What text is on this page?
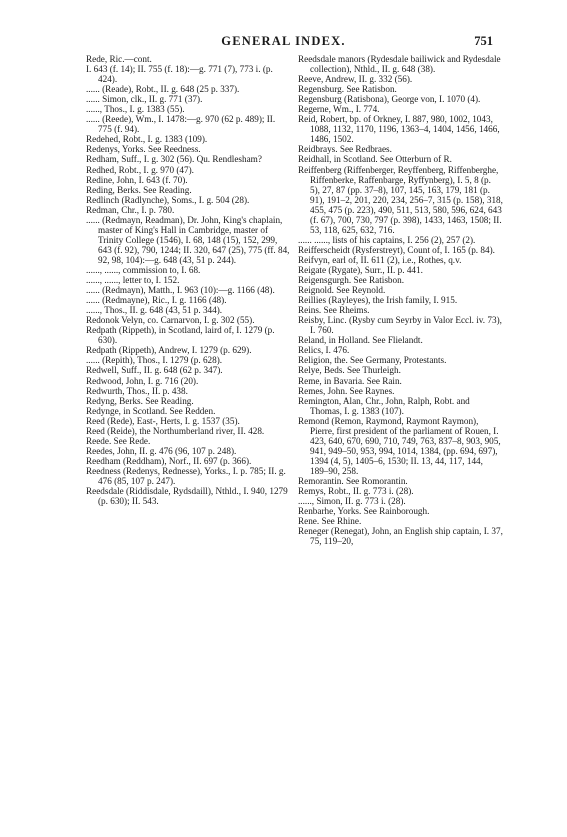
GENERAL INDEX.	751

Rede, Ric.—cont.

I. 643 (f. 14); II. 755 (f. 18):—g. 771 (7), 773 i. (p. 424).

...... (Reade), Robt., II. g. 648 (25 p. 337).

...... Simon, clk., II. g. 771 (37).

......, Thos., I. g. 1383 (55).

...... (Reede), Wm., I. 1478:—g. 970 (62 p. 489); II. 775 (f. 94).

Redehed, Robt., I. g. 1383 (109).

Redenys, Yorks. See Reedness.

Redham, Suff., I. g. 302 (56). Qu. Rendlesham?

Redhed, Robt., I. g. 970 (47).

Redine, John, I. 643 (f. 70).

Reding, Berks. See Reading.

Redlinch (Radlynche), Soms., I. g. 504 (28).

Redman, Chr., I. p. 780.

...... (Redmayn, Readman), Dr. John, King's chaplain, master of King's Hall in Cambridge, master of Trinity College (1546), I. 68, 148 (15), 152, 299, 643 (f. 92), 790, 1244; II. 320, 647 (25), 775 (ff. 84, 92, 98, 104):—g. 648 (43, 51 p. 244).

......, ......, commission to, I. 68.

......, ......, letter to, I. 152.

...... (Redmayn), Matth., I. 963 (10):—g. 1166 (48).

...... (Redmayne), Ric., I. g. 1166 (48).

......, Thos., II. g. 648 (43, 51 p. 344).

Redonok Velyn, co. Carnarvon, I. g. 302 (55).

Redpath (Rippeth), in Scotland, laird of, I. 1279 (p. 630).

Redpath (Rippeth), Andrew, I. 1279 (p. 629).

...... (Repith), Thos., I. 1279 (p. 628).

Redwell, Suff., II. g. 648 (62 p. 347).

Redwood, John, I. g. 716 (20).

Redwurth, Thos., II. p. 438.

Redyng, Berks. See Reading.

Redynge, in Scotland. See Redden.

Reed (Rede), East-, Herts, I. g. 1537 (35).

Reed (Reide), the Northumberland river, II. 428.

Reede. See Rede.

Reedes, John, II. g. 476 (96, 107 p. 248).

Reedham (Reddham), Norf., II. 697 (p. 366).

Reedness (Redenys, Rednesse), Yorks., I. p. 785; II. g. 476 (85, 107 p. 247).

Reedsdale (Riddisdale, Rydsdaill), Nthld., I. 940, 1279 (p. 630); II. 543.

Reedsdale manors (Rydesdale bailiwick and Rydesdale collection), Nthld., II. g. 648 (38).

Reeve, Andrew, II. g. 332 (56).

Regensburg. See Ratisbon.

Regensburg (Ratisbona), George von, I. 1070 (4).

Regerne, Wm., I. 774.

Reid, Robert, bp. of Orkney, I. 887, 980, 1002, 1043, 1088, 1132, 1170, 1196, 1363–4, 1404, 1456, 1466, 1486, 1502.

Reidbrays. See Redbraes.

Reidhall, in Scotland. See Otterburn of R.

Reiffenberg (Riffenberger, Reyffenberg, Riffenberghe, Riffenberke, Raffenbarge, Ryffynberg), I. 5, 8 (p. 5), 27, 87 (pp. 37–8), 107, 145, 163, 179, 181 (p. 91), 191–2, 201, 220, 234, 256–7, 315 (p. 158), 318, 455, 475 (p. 223), 490, 511, 513, 580, 596, 624, 643 (f. 67), 700, 730, 797 (p. 398), 1433, 1463, 1508; II. 53, 118, 625, 632, 716.

...... ......, lists of his captains, I. 256 (2), 257 (2).

Reifferscheidt (Rysferstreyt), Count of, I. 165 (p. 84).

Reifvyn, earl of, II. 611 (2), i.e., Rothes, q.v.

Reigate (Rygate), Surr., II. p. 441.

Reigensgurgh. See Ratisbon.

Reignold. See Reynold.

Reillies (Rayleyes), the Irish family, I. 915.

Reins. See Rheims.

Reisby, Linc. (Rysby cum Seyrby in Valor Eccl. iv. 73), I. 760.

Reland, in Holland. See Flielandt.

Relics, I. 476.

Religion, the. See Germany, Protestants.

Relye, Beds. See Thurleigh.

Reme, in Bavaria. See Rain.

Remes, John. See Raynes.

Remington, Alan, Chr., John, Ralph, Robt. and Thomas, I. g. 1383 (107).

Remond (Remon, Raymond, Raymont Raymon), Pierre, first president of the parliament of Rouen, I. 423, 640, 670, 690, 710, 749, 763, 837–8, 903, 905, 941, 949–50, 953, 994, 1014, 1384, (pp. 694, 697), 1394 (4, 5), 1405–6, 1530; II. 13, 44, 117, 144, 189–90, 258.

Remorantin. See Romorantin.

Remys, Robt., II. g. 773 i. (28).

......, Simon, II. g. 773 i. (28).

Renbarhe, Yorks. See Rainborough.

Rene. See Rhine.

Reneger (Renegat), John, an English ship captain, I. 37, 75, 119–20,
